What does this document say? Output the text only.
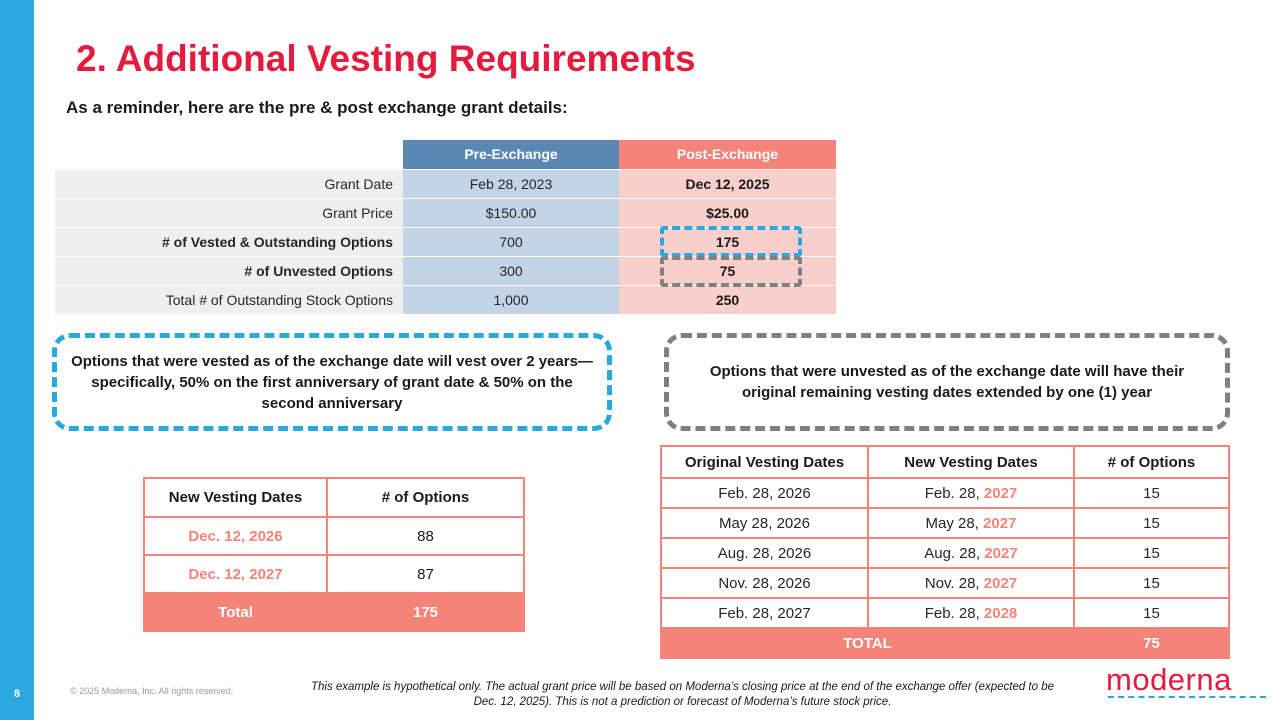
8
2. Additional Vesting Requirements
As a reminder, here are the pre & post exchange grant details:
	Pre-Exchange	Post-Exchange
Grant Date	Feb 28, 2023	Dec 12, 2025
Grant Price	$150.00	$25.00
# of Vested & Outstanding Options	700	175
# of Unvested Options	300	75
Total # of Outstanding Stock Options	1,000	250
Options that were vested as of the exchange date will vest over 2 years—specifically, 50% on the first anniversary of grant date & 50% on the second anniversary
Options that were unvested as of the exchange date will have their original remaining vesting dates extended by one (1) year
New Vesting Dates	# of Options
Dec. 12, 2026	88
Dec. 12, 2027	87
Total	175
Original Vesting Dates	New Vesting Dates	# of Options
Feb. 28, 2026	Feb. 28, 2027	15
May 28, 2026	May 28, 2027	15
Aug. 28, 2026	Aug. 28, 2027	15
Nov. 28, 2026	Nov. 28, 2027	15
Feb. 28, 2027	Feb. 28, 2028	15
TOTAL		75
© 2025 Moderna, Inc. All rights reserved.	This example is hypothetical only. The actual grant price will be based on Moderna’s closing price at the end of the exchange offer (expected to be Dec. 12, 2025). This is not a prediction or forecast of Moderna’s future stock price.
moderna
